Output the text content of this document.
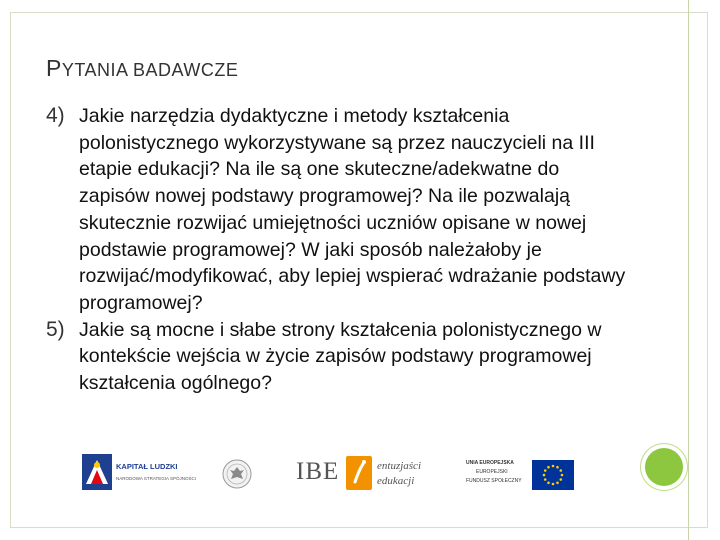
PYTANIA BADAWCZE
4) Jakie narzędzia dydaktyczne i metody kształcenia polonistycznego wykorzystywane są przez nauczycieli na III etapie edukacji? Na ile są one skuteczne/adekwatne do zapisów nowej podstawy programowej? Na ile pozwalają skutecznie rozwijać umiejętności uczniów opisane w nowej podstawie programowej? W jaki sposób należałoby je rozwijać/modyfikować, aby lepiej wspierać wdrażanie podstawy programowej?
5) Jakie są mocne i słabe strony kształcenia polonistycznego w kontekście wejścia w życie zapisów podstawy programowej kształcenia ogólnego?
KAPITAŁ LUDZKI
NARODOWA STRATEGIA SPÓJNOŚCI	IBE	entuzjaści
edukacji
UNIA EUROPEJSKA
EUROPEJSKI
FUNDUSZ SPOŁECZNY
